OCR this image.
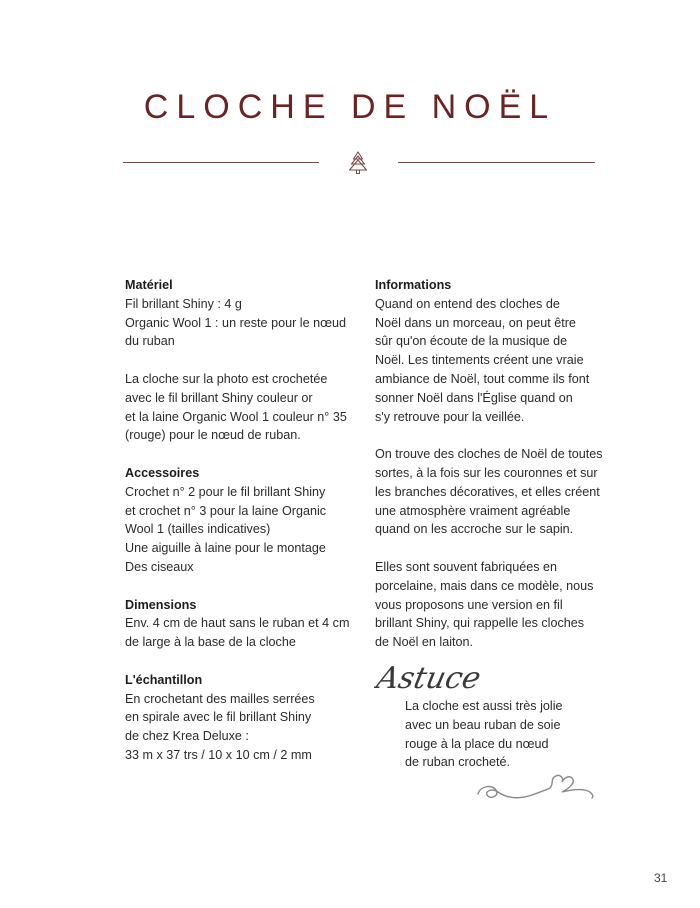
CLOCHE DE NOËL
Matériel
Fil brillant Shiny : 4 g
Organic Wool 1 : un reste pour le nœud
du ruban
La cloche sur la photo est crochetée
avec le fil brillant Shiny couleur or
et la laine Organic Wool 1 couleur n° 35
(rouge) pour le nœud de ruban.
Accessoires
Crochet n° 2 pour le fil brillant Shiny
et crochet n° 3 pour la laine Organic
Wool 1 (tailles indicatives)
Une aiguille à laine pour le montage
Des ciseaux
Dimensions
Env. 4 cm de haut sans le ruban et 4 cm
de large à la base de la cloche
L'échantillon
En crochetant des mailles serrées
en spirale avec le fil brillant Shiny
de chez Krea Deluxe :
33 m x 37 trs / 10 x 10 cm / 2 mm
Informations
Quand on entend des cloches de
Noël dans un morceau, on peut être
sûr qu'on écoute de la musique de
Noël. Les tintements créent une vraie
ambiance de Noël, tout comme ils font
sonner Noël dans l'Église quand on
s'y retrouve pour la veillée.
On trouve des cloches de Noël de toutes
sortes, à la fois sur les couronnes et sur
les branches décoratives, et elles créent
une atmosphère vraiment agréable
quand on les accroche sur le sapin.
Elles sont souvent fabriquées en
porcelaine, mais dans ce modèle, nous
vous proposons une version en fil
brillant Shiny, qui rappelle les cloches
de Noël en laiton.
Astuce
La cloche est aussi très jolie
avec un beau ruban de soie
rouge à la place du nœud
de ruban crocheté.
31
